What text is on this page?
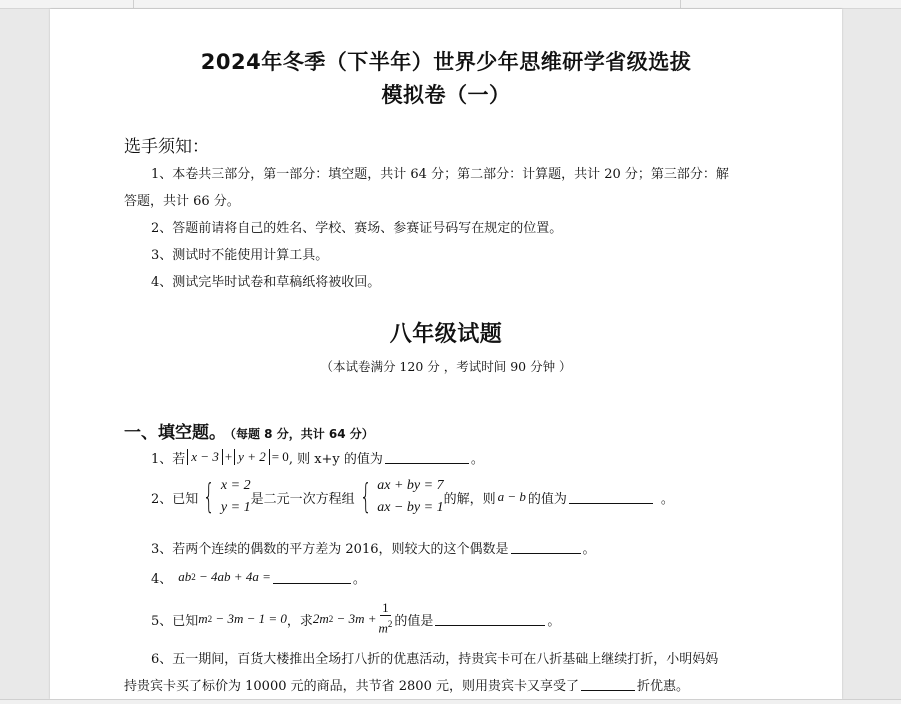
2024年冬季（下半年）世界少年思维研学省级选拔
模拟卷（一）
选手须知：
1、本卷共三部分，第一部分：填空题，共计 64 分；第二部分：计算题，共计 20 分；第三部分：解
答题，共计 66 分。
2、答题前请将自己的姓名、学校、赛场、参赛证号码写在规定的位置。
3、测试时不能使用计算工具。
4、测试完毕时试卷和草稿纸将被收回。
八年级试题
（本试卷满分 120 分 ，考试时间 90 分钟 ）
一、填空题。 （每题 8 分，共计 64 分）
1、若 x − 3 + y + 2 = 0 , 则 x+y 的值为	。
2、已知 { x = 2
y = 1
是二元一次方程组 { ax + by = 7
ax − by = 1
的解，则 a − b 的值为	。
3、若两个连续的偶数的平方差为 2016，则较大的这个偶数是	。
4、 ab 2 − 4ab + 4a =	。
5、已知 m 2 − 3m − 1 = 0 ，求 2m $2 - 3m + \frac{1}{m^2}$ 的值是	。
6、五一期间，百货大楼推出全场打八折的优惠活动，持贵宾卡可在八折基础上继续打折，小明妈妈
持贵宾卡买了标价为 10000 元的商品，共节省 2800 元，则用贵宾卡又享受了	折优惠。
